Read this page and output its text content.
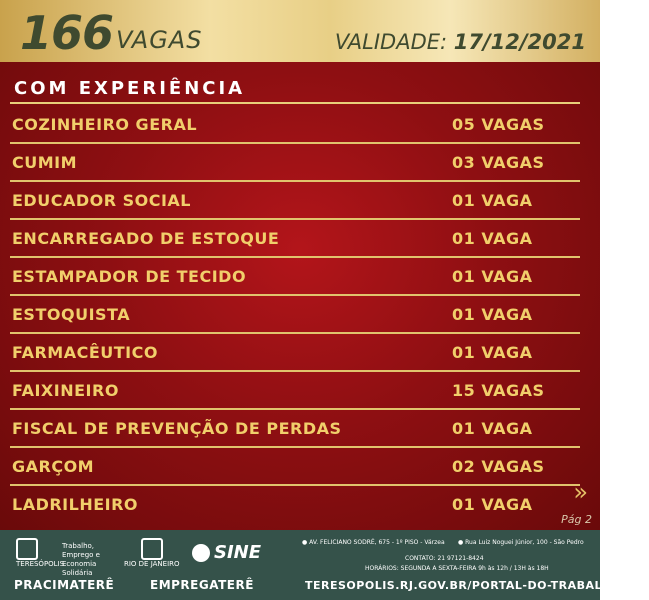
166 VAGAS	VALIDADE: 17/12/2021
COM EXPERIÊNCIA
COZINHEIRO GERAL	05 VAGAS
CUMIM	03 VAGAS
EDUCADOR SOCIAL	01 VAGA
ENCARREGADO DE ESTOQUE	01 VAGA
ESTAMPADOR DE TECIDO	01 VAGA
ESTOQUISTA	01 VAGA
FARMACÊUTICO	01 VAGA
FAIXINEIRO	15 VAGAS
FISCAL DE PREVENÇÃO DE PERDAS	01 VAGA
GARÇOM	02 VAGAS
LADRILHEIRO	01 VAGA »
Pág 2
TERESÓPOLIS
Trabalho, Emprego e Economia Solidária
RIO DE JANEIRO
SINE	● AV. FELICIANO SODRÉ, 675 - 1º PISO - Várzea ● Rua Luiz Noguei Júnior, 100 - São Pedro
CONTATO: 21 97121-8424
HORÁRIOS: SEGUNDA A SEXTA-FEIRA 9h às 12h / 13H às 18H
PRACIMATERÊ	EMPREGATERÊ	TERESOPOLIS.RJ.GOV.BR/PORTAL-DO-TRABALHADOR
